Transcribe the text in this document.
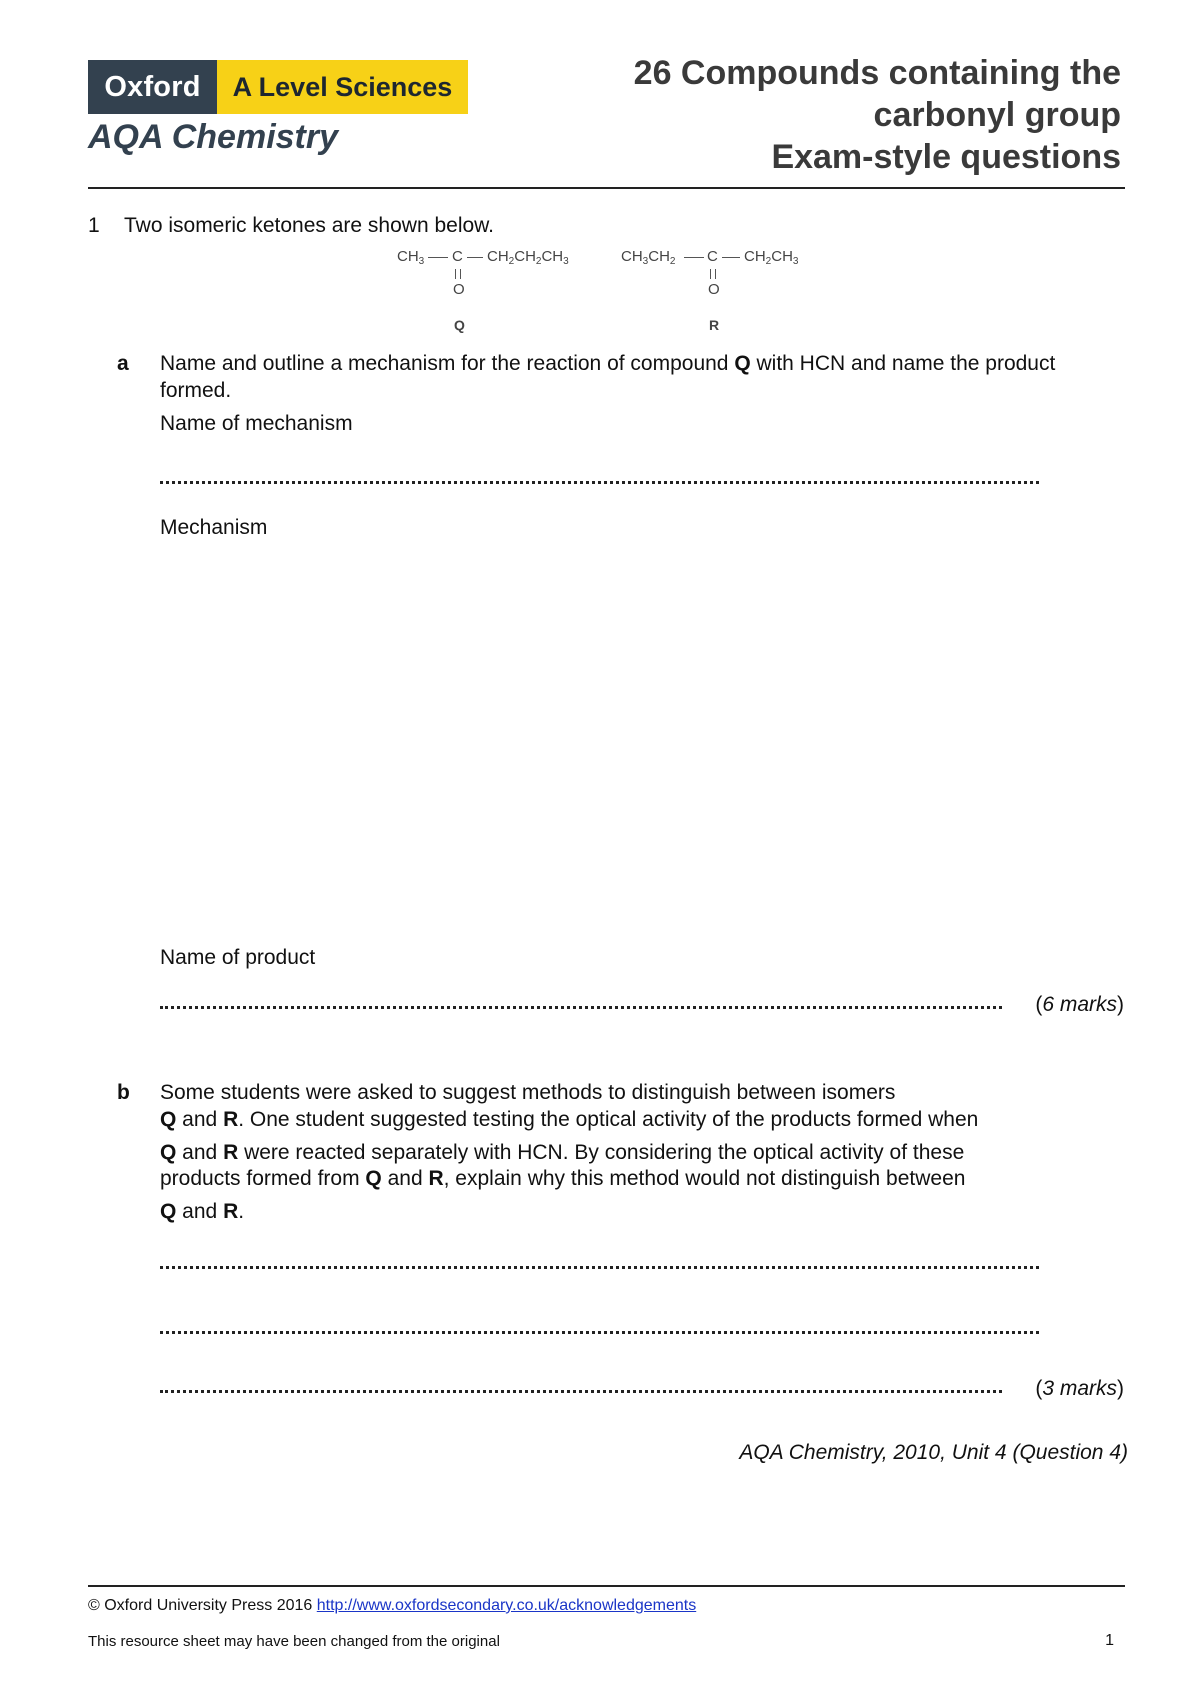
Oxford	A Level Sciences
AQA Chemistry
26 Compounds containing the
carbonyl group
Exam-style questions
1 Two isomeric ketones are shown below.
$CH_3$ C $CH_2CH_2CH_3$
O
Q
$CH_3CH_2$ C $CH_2CH_3$
O
R
a Name and outline a mechanism for the reaction of compound Q with HCN and name the product formed.
Name of mechanism
Mechanism
Name of product
(6 marks)
b Some students were asked to suggest methods to distinguish between isomers
Q and R. One student suggested testing the optical activity of the products formed when
Q and R were reacted separately with HCN. By considering the optical activity of these
products formed from Q and R, explain why this method would not distinguish between
Q and R.
(3 marks)
AQA Chemistry, 2010, Unit 4 (Question 4)
© Oxford University Press 2016 http://www.oxfordsecondary.co.uk/acknowledgements
This resource sheet may have been changed from the original	1
